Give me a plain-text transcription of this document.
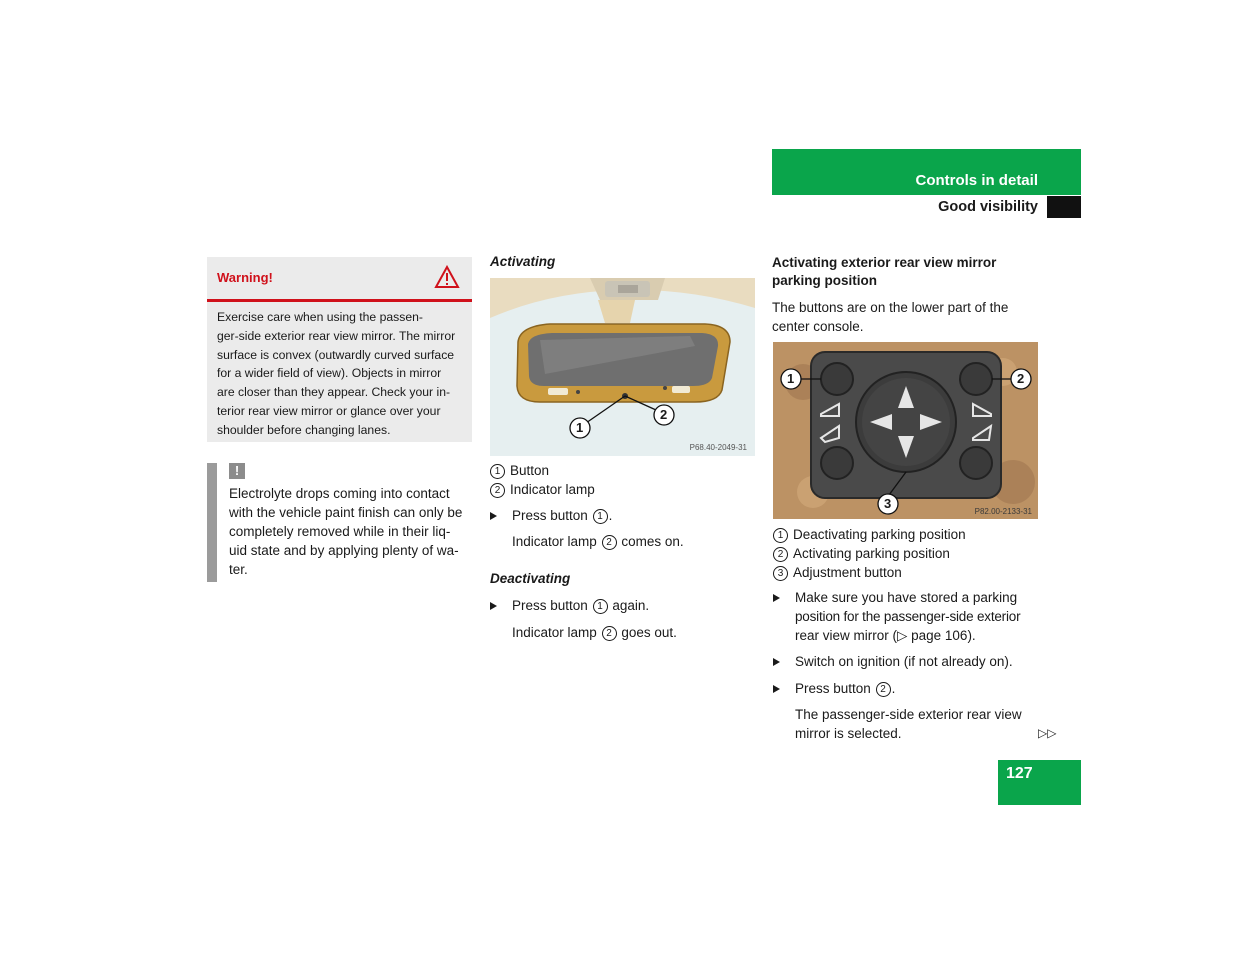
Controls in detail
Good visibility
Warning!
Exercise care when using the passen-
ger-side exterior rear view mirror. The mirror
surface is convex (outwardly curved surface
for a wider field of view). Objects in mirror
are closer than they appear. Check your in-
terior rear view mirror or glance over your
shoulder before changing lanes.
!
Electrolyte drops coming into contact
with the vehicle paint finish can only be
completely removed while in their liq-
uid state and by applying plenty of wa-
ter.
Activating
1
2
P68.40-2049-31
1 Button
2 Indicator lamp
Press button 1 .
Indicator lamp 2 comes on.
Deactivating
Press button 1 again.
Indicator lamp 2 goes out.
Activating exterior rear view mirror
parking position
The buttons are on the lower part of the
center console.
1	2
3
P82.00-2133-31
1 Deactivating parking position
2 Activating parking position
3 Adjustment button
Make sure you have stored a parking
position for the passenger-side exterior
rear view mirror (▷ page 106).
Switch on ignition (if not already on).
Press button 2 .
The passenger-side exterior rear view
mirror is selected.	▷▷
127
